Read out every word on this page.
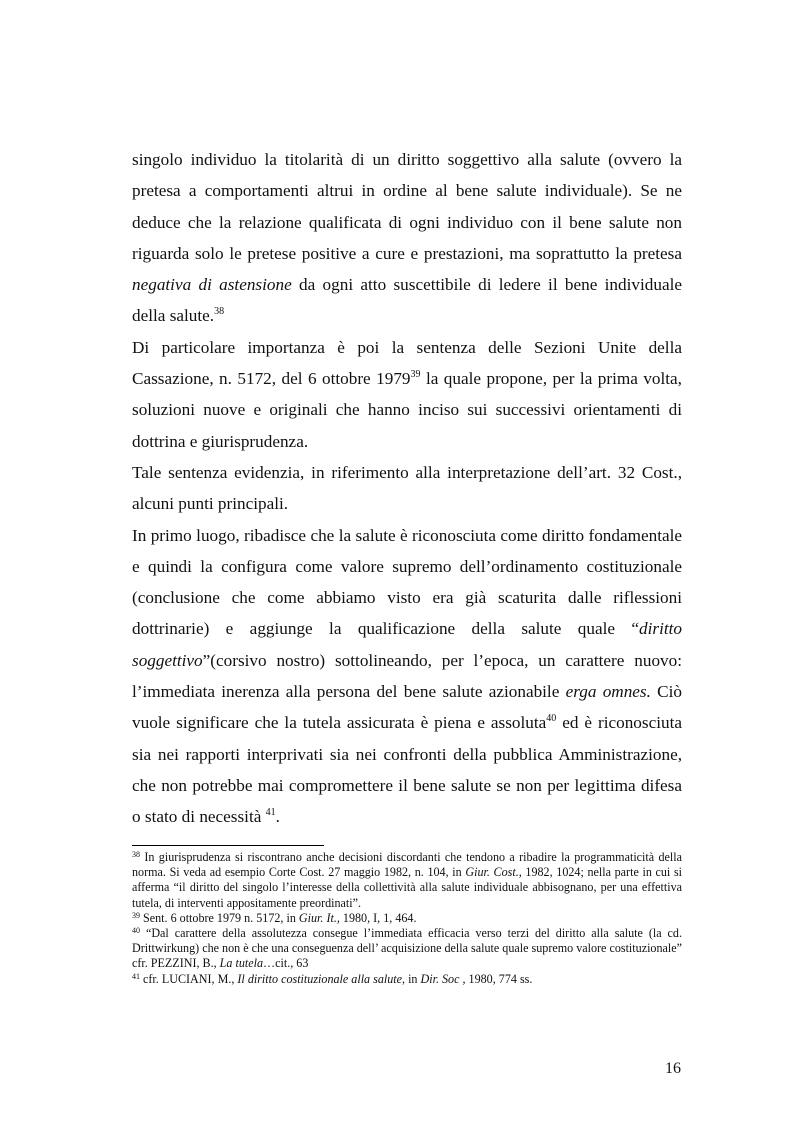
singolo individuo la titolarità di un diritto soggettivo alla salute (ovvero la pretesa a comportamenti altrui in ordine al bene salute individuale). Se ne deduce che la relazione qualificata di ogni individuo con il bene salute non riguarda solo le pretese positive a cure e prestazioni, ma soprattutto la pretesa negativa di astensione da ogni atto suscettibile di ledere il bene individuale della salute.$^{38}$

Di particolare importanza è poi la sentenza delle Sezioni Unite della Cassazione, n. 5172, del 6 ottobre 1979$^{39}$ la quale propone, per la prima volta, soluzioni nuove e originali che hanno inciso sui successivi orientamenti di dottrina e giurisprudenza.

Tale sentenza evidenzia, in riferimento alla interpretazione dell’art. 32 Cost., alcuni punti principali.

In primo luogo, ribadisce che la salute è riconosciuta come diritto fondamentale e quindi la configura come valore supremo dell’ordinamento costituzionale (conclusione che come abbiamo visto era già scaturita dalle riflessioni dottrinarie) e aggiunge la qualificazione della salute quale “diritto soggettivo”(corsivo nostro) sottolineando, per l’epoca, un carattere nuovo: l’immediata inerenza alla persona del bene salute azionabile erga omnes. Ciò vuole significare che la tutela assicurata è piena e assoluta$^{40}$ ed è riconosciuta sia nei rapporti interprivati sia nei confronti della pubblica Amministrazione, che non potrebbe mai compromettere il bene salute se non per legittima difesa o stato di necessità $^{41}$.

$^{38}$ In giurisprudenza si riscontrano anche decisioni discordanti che tendono a ribadire la programmaticità della norma. Si veda ad esempio Corte Cost. 27 maggio 1982, n. 104, in Giur. Cost., 1982, 1024; nella parte in cui si afferma “il diritto del singolo l’interesse della collettività alla salute individuale abbisognano, per una effettiva tutela, di interventi appositamente preordinati”.

$^{39}$ Sent. 6 ottobre 1979 n. 5172, in Giur. It., 1980, I, 1, 464.

$^{40}$ “Dal carattere della assolutezza consegue l’immediata efficacia verso terzi del diritto alla salute (la cd. Drittwirkung) che non è che una conseguenza dell’ acquisizione della salute quale supremo valore costituzionale” cfr. PEZZINI, B., La tutela…cit., 63

$^{41}$ cfr. LUCIANI, M., Il diritto costituzionale alla salute, in Dir. Soc , 1980, 774 ss.

16
